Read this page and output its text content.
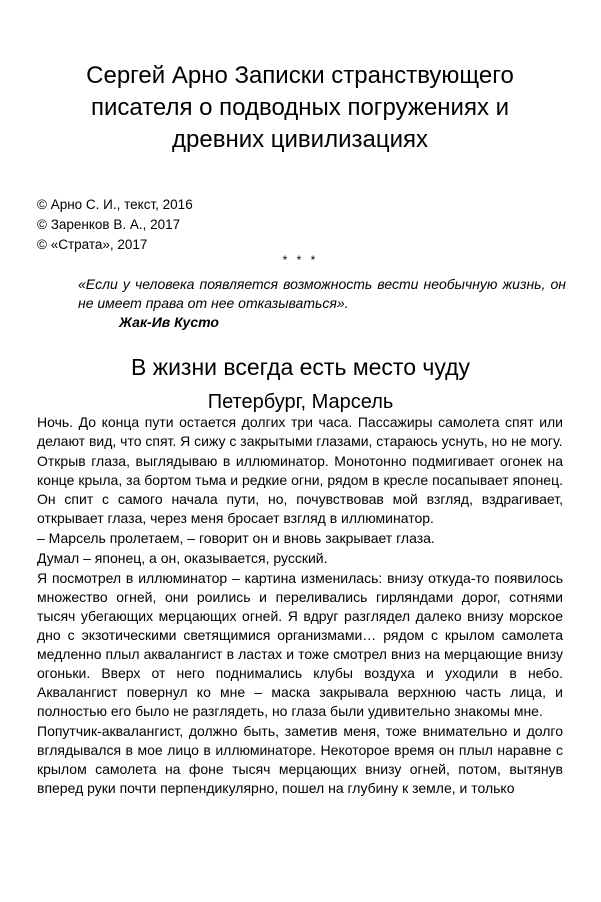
Сергей Арно Записки странствующего писателя о подводных погружениях и древних цивилизациях
© Арно С. И., текст, 2016
© Заренков В. А., 2017
© «Страта», 2017
* * *

«Если у человека появляется возможность вести необычную жизнь, он не имеет права от нее отказываться».

Жак-Ив Кусто
В жизни всегда есть место чуду
Петербург, Марсель

Ночь. До конца пути остается долгих три часа. Пассажиры самолета спят или делают вид, что спят. Я сижу с закрытыми глазами, стараюсь уснуть, но не могу.

Открыв глаза, выглядываю в иллюминатор. Монотонно подмигивает огонек на конце крыла, за бортом тьма и редкие огни, рядом в кресле посапывает японец. Он спит с самого начала пути, но, почувствовав мой взгляд, вздрагивает, открывает глаза, через меня бросает взгляд в иллюминатор.

– Марсель пролетаем, – говорит он и вновь закрывает глаза.

Думал – японец, а он, оказывается, русский.

Я посмотрел в иллюминатор – картина изменилась: внизу откуда-то появилось множество огней, они роились и переливались гирляндами дорог, сотнями тысяч убегающих мерцающих огней. Я вдруг разглядел далеко внизу морское дно с экзотическими светящимися организмами… рядом с крылом самолета медленно плыл аквалангист в ластах и тоже смотрел вниз на мерцающие внизу огоньки. Вверх от него поднимались клубы воздуха и уходили в небо. Аквалангист повернул ко мне – маска закрывала верхнюю часть лица, и полностью его было не разглядеть, но глаза были удивительно знакомы мне.

Попутчик-аквалангист, должно быть, заметив меня, тоже внимательно и долго вглядывался в мое лицо в иллюминаторе. Некоторое время он плыл наравне с крылом самолета на фоне тысяч мерцающих внизу огней, потом, вытянув вперед руки почти перпендикулярно, пошел на глубину к земле, и только
